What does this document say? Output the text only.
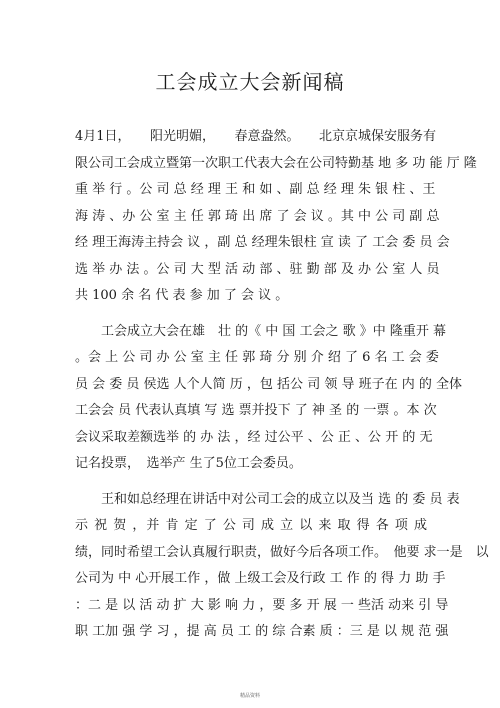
工会成立大会新闻稿
4月1日，　　阳光明媚，　　春意盎然。　　北京京城保安服务有
限公司工会成立暨第一次职工代表大会在公司特勤基 地 多 功 能 厅 隆
重 举 行 。公 司 总 经 理 王 和 如 、副 总 经 理 朱 银 柱 、王
海 涛 、办 公 室 主 任 郭 琦 出 席 了 会 议 。其 中 公 司 副 总
经 理王海涛主持会 议 ，副 总 经理朱银柱 宣 读 了 工会 委 员 会
选 举 办 法 。公 司 大 型 活 动 部 、驻 勤 部 及 办 公 室 人 员
共 100 余 名 代 表 参 加 了 会 议 。
工会成立大会在雄　壮 的《 中 国 工会之 歌 》中 隆重开 幕
。会 上 公 司 办 公 室 主 任 郭 琦 分 别 介 绍 了 6 名 工 会 委
员 会 委 员 侯选 人个人简 历 ，包 括公 司 领 导 班子在 内 的 全体
工会会 员 代表认真填 写 选 票并投下 了 神 圣 的 一票 。本 次
会议采取差额选举 的 办 法 ，经 过公平 、公 正 、公 开 的 无
记名投票，　选举产 生了5位工会委员。
王和如总经理在讲话中对公司工会的成立以及当 选 的 委 员 表
示 祝 贺 ，并 肯 定 了 公 司 成 立 以 来 取 得 各 项 成
绩，同时希望工会认真履行职责，做好今后各项工作。　他要 求一是　以
公司为 中 心开展工作 ，做 上级工会及行政 工 作 的 得 力 助 手
：二 是 以 活 动 扩 大 影 响 力 ，要 多 开 展 一 些活 动来 引 导
职 工加 强 学 习 ，提 高 员 工 的 综 合素 质 ：三 是 以 规 范 强
精品资料
